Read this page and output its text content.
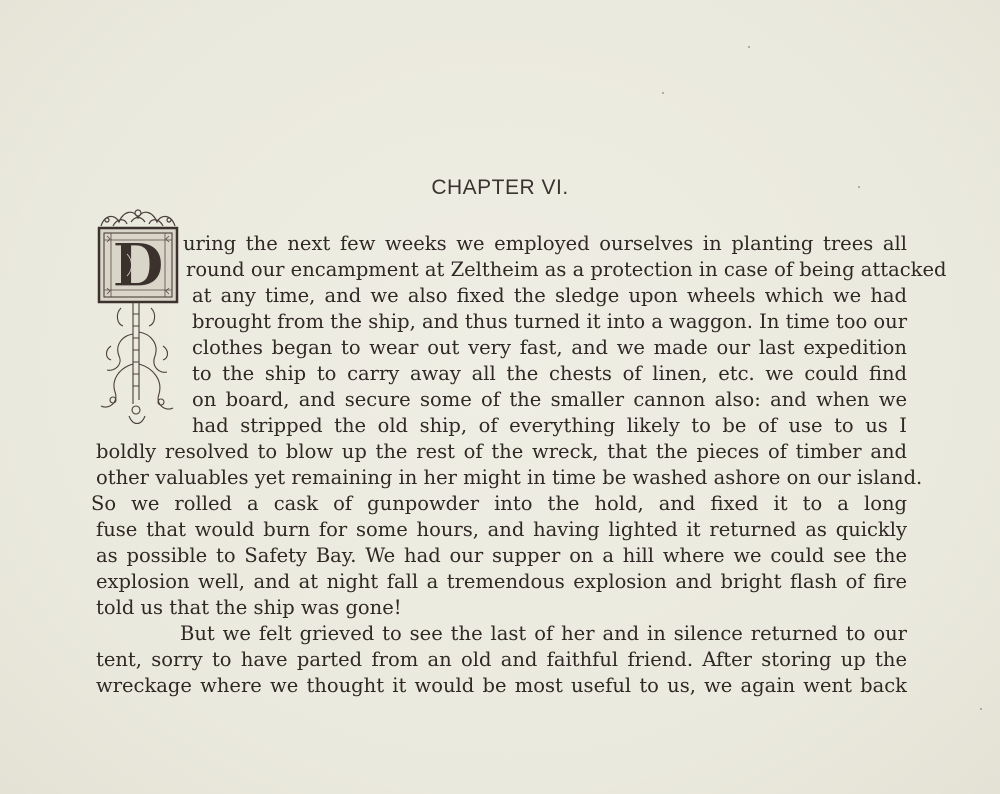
CHAPTER VI.
D uring the next few weeks we employed ourselves in planting trees all
round our encampment at Zeltheim as a protection in case of being attacked
at any time, and we also fixed the sledge upon wheels which we had
brought from the ship, and thus turned it into a waggon. In time too our
clothes began to wear out very fast, and we made our last expedition
to the ship to carry away all the chests of linen, etc. we could find
on board, and secure some of the smaller cannon also: and when we
had stripped the old ship, of everything likely to be of use to us I
boldly resolved to blow up the rest of the wreck, that the pieces of timber and
other valuables yet remaining in her might in time be washed ashore on our island.
So we rolled a cask of gunpowder into the hold, and fixed it to a long
fuse that would burn for some hours, and having lighted it returned as quickly
as possible to Safety Bay. We had our supper on a hill where we could see the
explosion well, and at night fall a tremendous explosion and bright flash of fire
told us that the ship was gone!
But we felt grieved to see the last of her and in silence returned to our
tent, sorry to have parted from an old and faithful friend. After storing up the
wreckage where we thought it would be most useful to us, we again went back
